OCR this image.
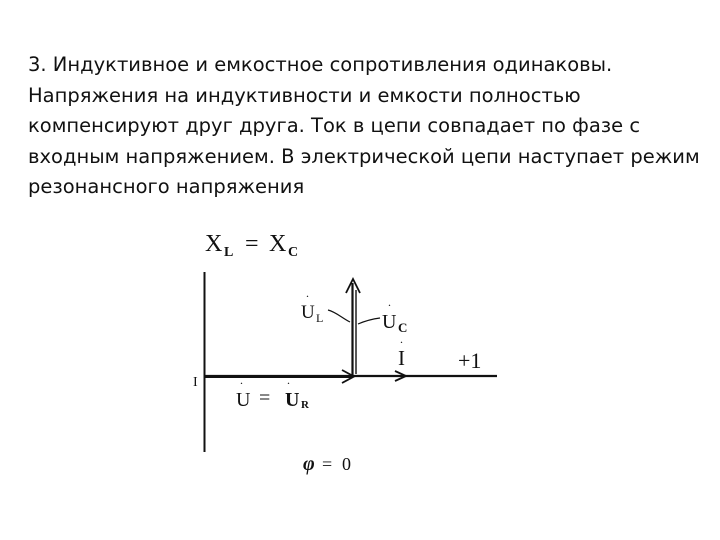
3. Индуктивное и емкостное сопротивления одинаковы. Напряжения на индуктивности и емкости полностью компенсируют друг друга. Ток в цепи совпадает по фазе с входным напряжением. В электрической цепи наступает режим резонансного напряжения

X L = X C
.
U L
.
U C
.
I +1
I	.
U =
.
U R
φ = 0
